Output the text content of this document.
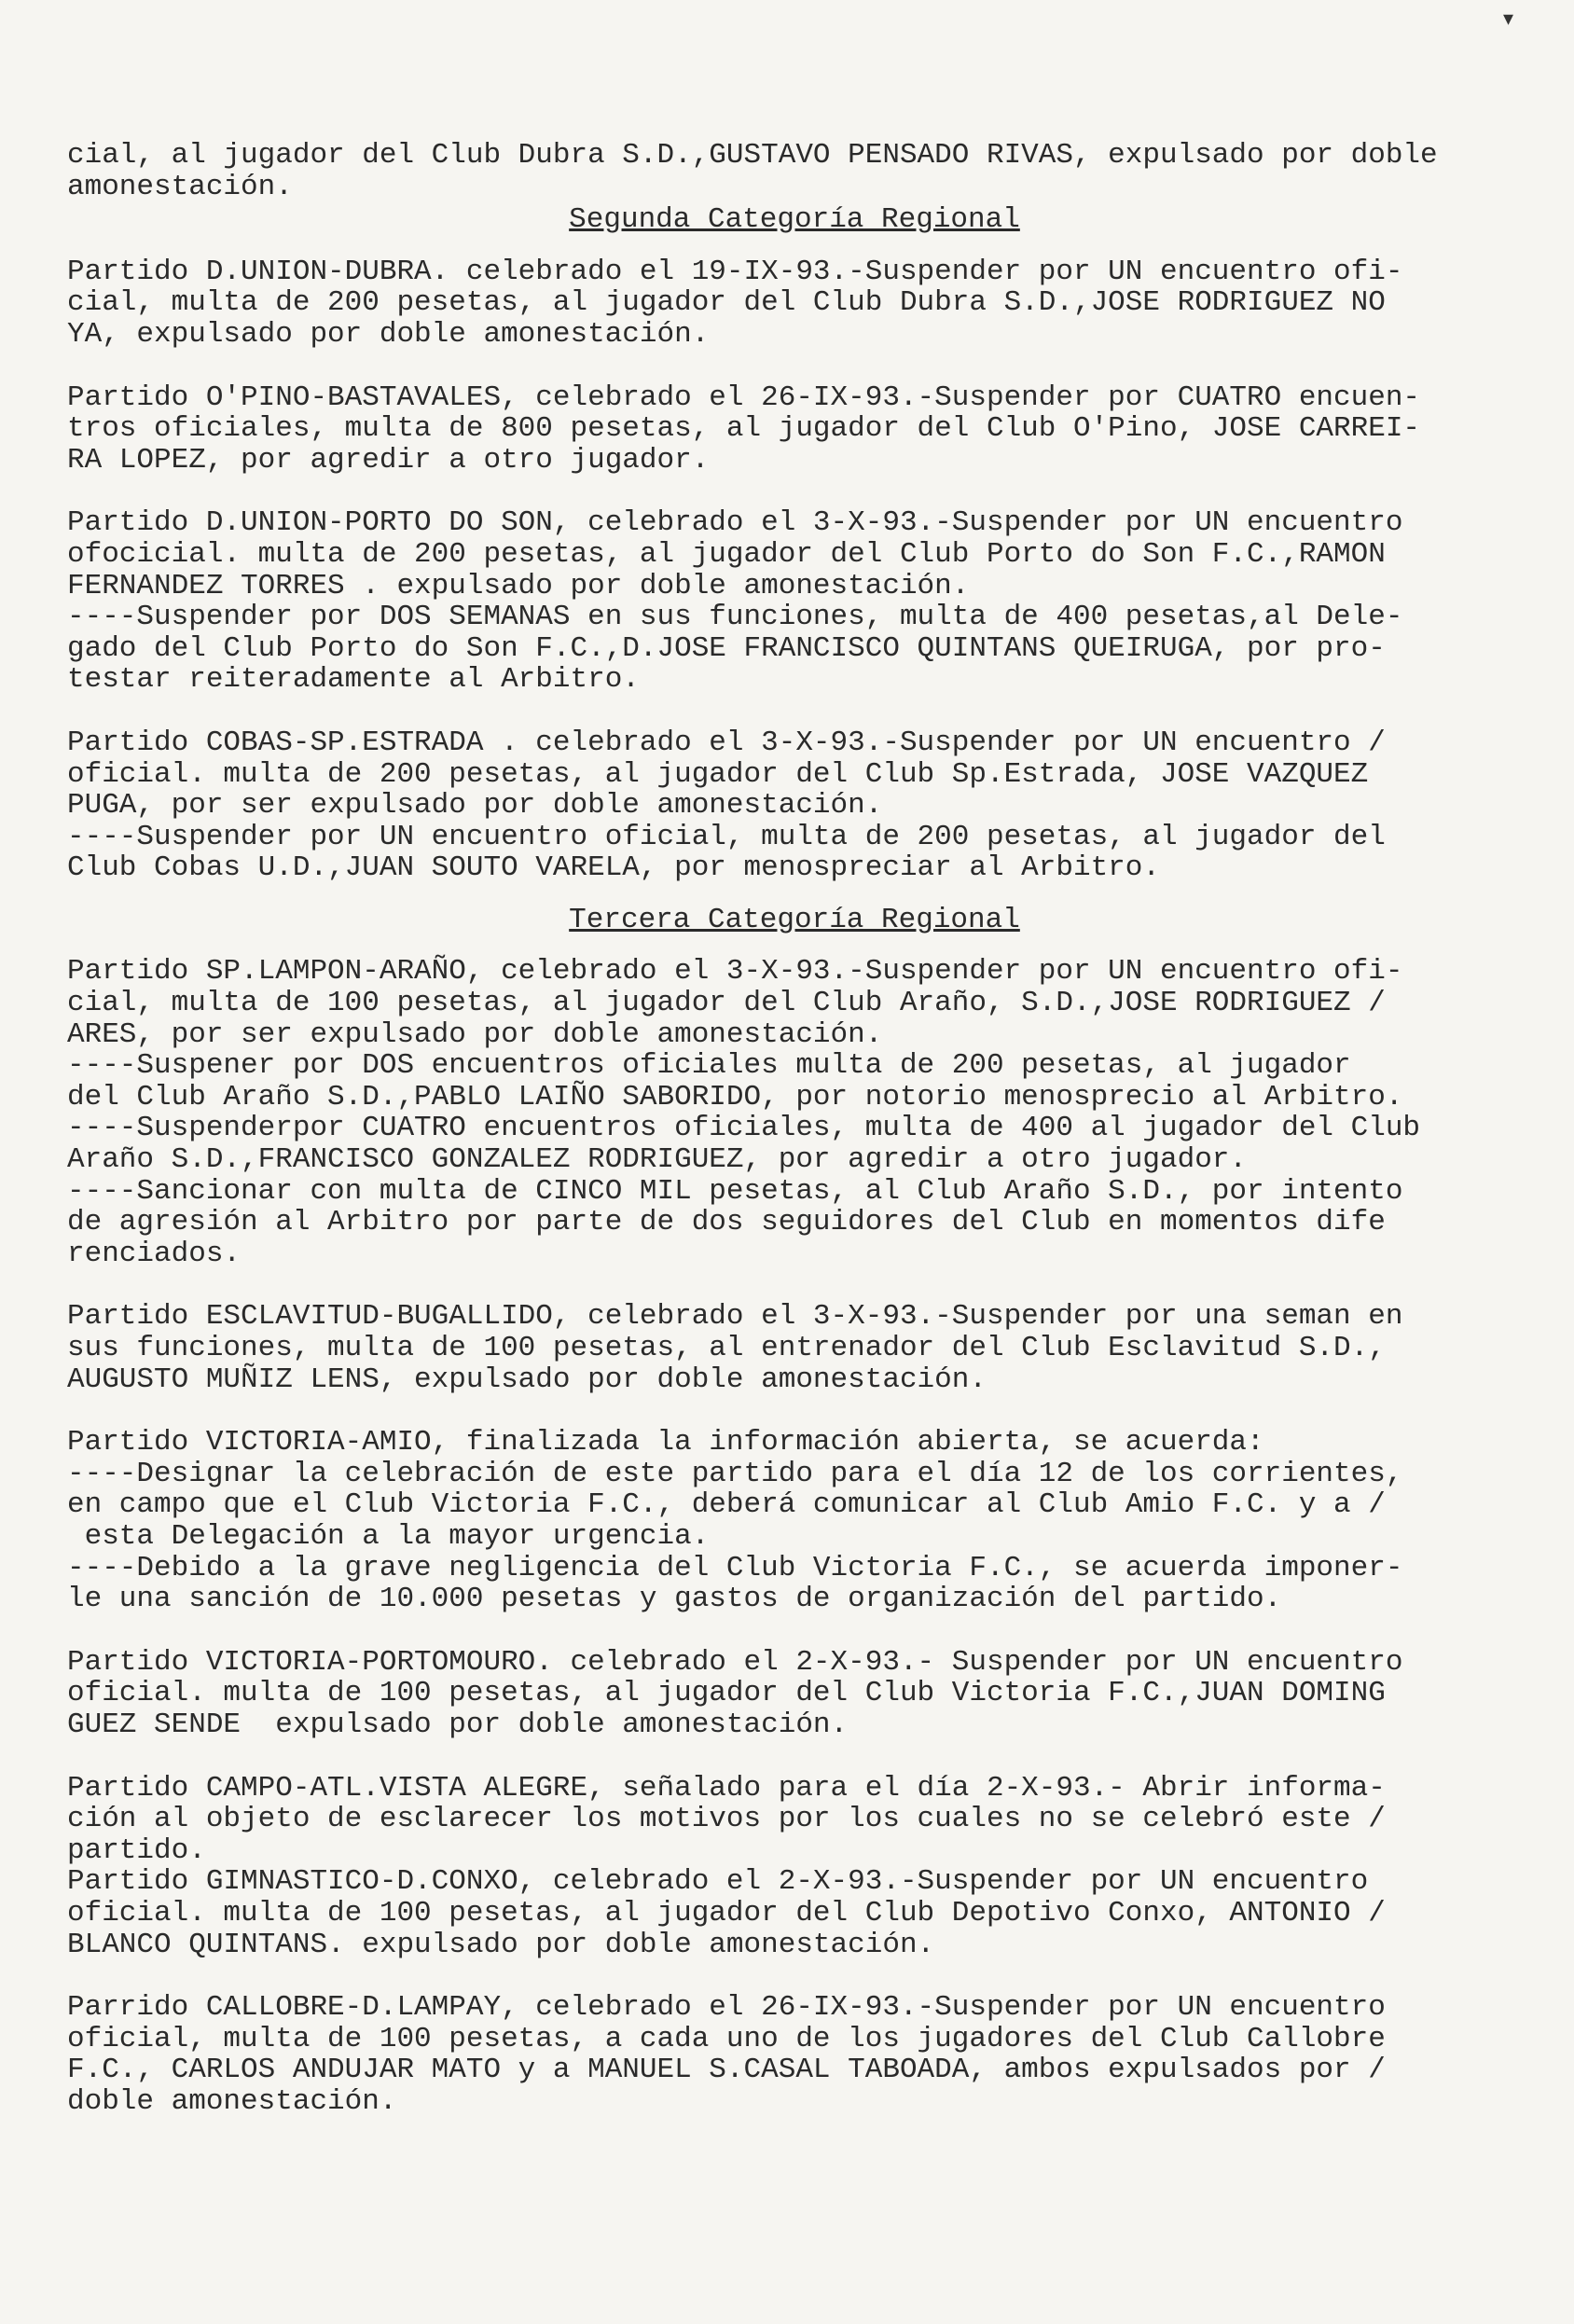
▾
cial, al jugador del Club Dubra S.D.,GUSTAVO PENSADO RIVAS, expulsado por doble
amonestación.
Segunda Categoría Regional
Partido D.UNION-DUBRA. celebrado el 19-IX-93.-Suspender por UN encuentro ofi-
cial, multa de 200 pesetas, al jugador del Club Dubra S.D.,JOSE RODRIGUEZ NO
YA, expulsado por doble amonestación.
Partido O'PINO-BASTAVALES, celebrado el 26-IX-93.-Suspender por CUATRO encuen-
tros oficiales, multa de 800 pesetas, al jugador del Club O'Pino, JOSE CARREI-
RA LOPEZ, por agredir a otro jugador.
Partido D.UNION-PORTO DO SON, celebrado el 3-X-93.-Suspender por UN encuentro
ofocicial. multa de 200 pesetas, al jugador del Club Porto do Son F.C.,RAMON
FERNANDEZ TORRES . expulsado por doble amonestación.
----Suspender por DOS SEMANAS en sus funciones, multa de 400 pesetas,al Dele-
gado del Club Porto do Son F.C.,D.JOSE FRANCISCO QUINTANS QUEIRUGA, por pro-
testar reiteradamente al Arbitro.
Partido COBAS-SP.ESTRADA . celebrado el 3-X-93.-Suspender por UN encuentro /
oficial. multa de 200 pesetas, al jugador del Club Sp.Estrada, JOSE VAZQUEZ
PUGA, por ser expulsado por doble amonestación.
----Suspender por UN encuentro oficial, multa de 200 pesetas, al jugador del
Club Cobas U.D.,JUAN SOUTO VARELA, por menospreciar al Arbitro.
Tercera Categoría Regional
Partido SP.LAMPON-ARAÑO, celebrado el 3-X-93.-Suspender por UN encuentro ofi-
cial, multa de 100 pesetas, al jugador del Club Araño, S.D.,JOSE RODRIGUEZ /
ARES, por ser expulsado por doble amonestación.
----Suspener por DOS encuentros oficiales multa de 200 pesetas, al jugador
del Club Araño S.D.,PABLO LAIÑO SABORIDO, por notorio menosprecio al Arbitro.
----Suspenderpor CUATRO encuentros oficiales, multa de 400 al jugador del Club
Araño S.D.,FRANCISCO GONZALEZ RODRIGUEZ, por agredir a otro jugador.
----Sancionar con multa de CINCO MIL pesetas, al Club Araño S.D., por intento
de agresión al Arbitro por parte de dos seguidores del Club en momentos dife
renciados.
Partido ESCLAVITUD-BUGALLIDO, celebrado el 3-X-93.-Suspender por una seman en
sus funciones, multa de 100 pesetas, al entrenador del Club Esclavitud S.D.,
AUGUSTO MUÑIZ LENS, expulsado por doble amonestación.
Partido VICTORIA-AMIO, finalizada la información abierta, se acuerda:
----Designar la celebración de este partido para el día 12 de los corrientes,
en campo que el Club Victoria F.C., deberá comunicar al Club Amio F.C. y a /
esta Delegación a la mayor urgencia.
----Debido a la grave negligencia del Club Victoria F.C., se acuerda imponer-
le una sanción de 10.000 pesetas y gastos de organización del partido.
Partido VICTORIA-PORTOMOURO. celebrado el 2-X-93.- Suspender por UN encuentro
oficial. multa de 100 pesetas, al jugador del Club Victoria F.C.,JUAN DOMING
GUEZ SENDE  expulsado por doble amonestación.
Partido CAMPO-ATL.VISTA ALEGRE, señalado para el día 2-X-93.- Abrir informa-
ción al objeto de esclarecer los motivos por los cuales no se celebró este /
partido.
Partido GIMNASTICO-D.CONXO, celebrado el 2-X-93.-Suspender por UN encuentro
oficial. multa de 100 pesetas, al jugador del Club Depotivo Conxo, ANTONIO /
BLANCO QUINTANS. expulsado por doble amonestación.
Parrido CALLOBRE-D.LAMPAY, celebrado el 26-IX-93.-Suspender por UN encuentro
oficial, multa de 100 pesetas, a cada uno de los jugadores del Club Callobre
F.C., CARLOS ANDUJAR MATO y a MANUEL S.CASAL TABOADA, ambos expulsados por /
doble amonestación.
